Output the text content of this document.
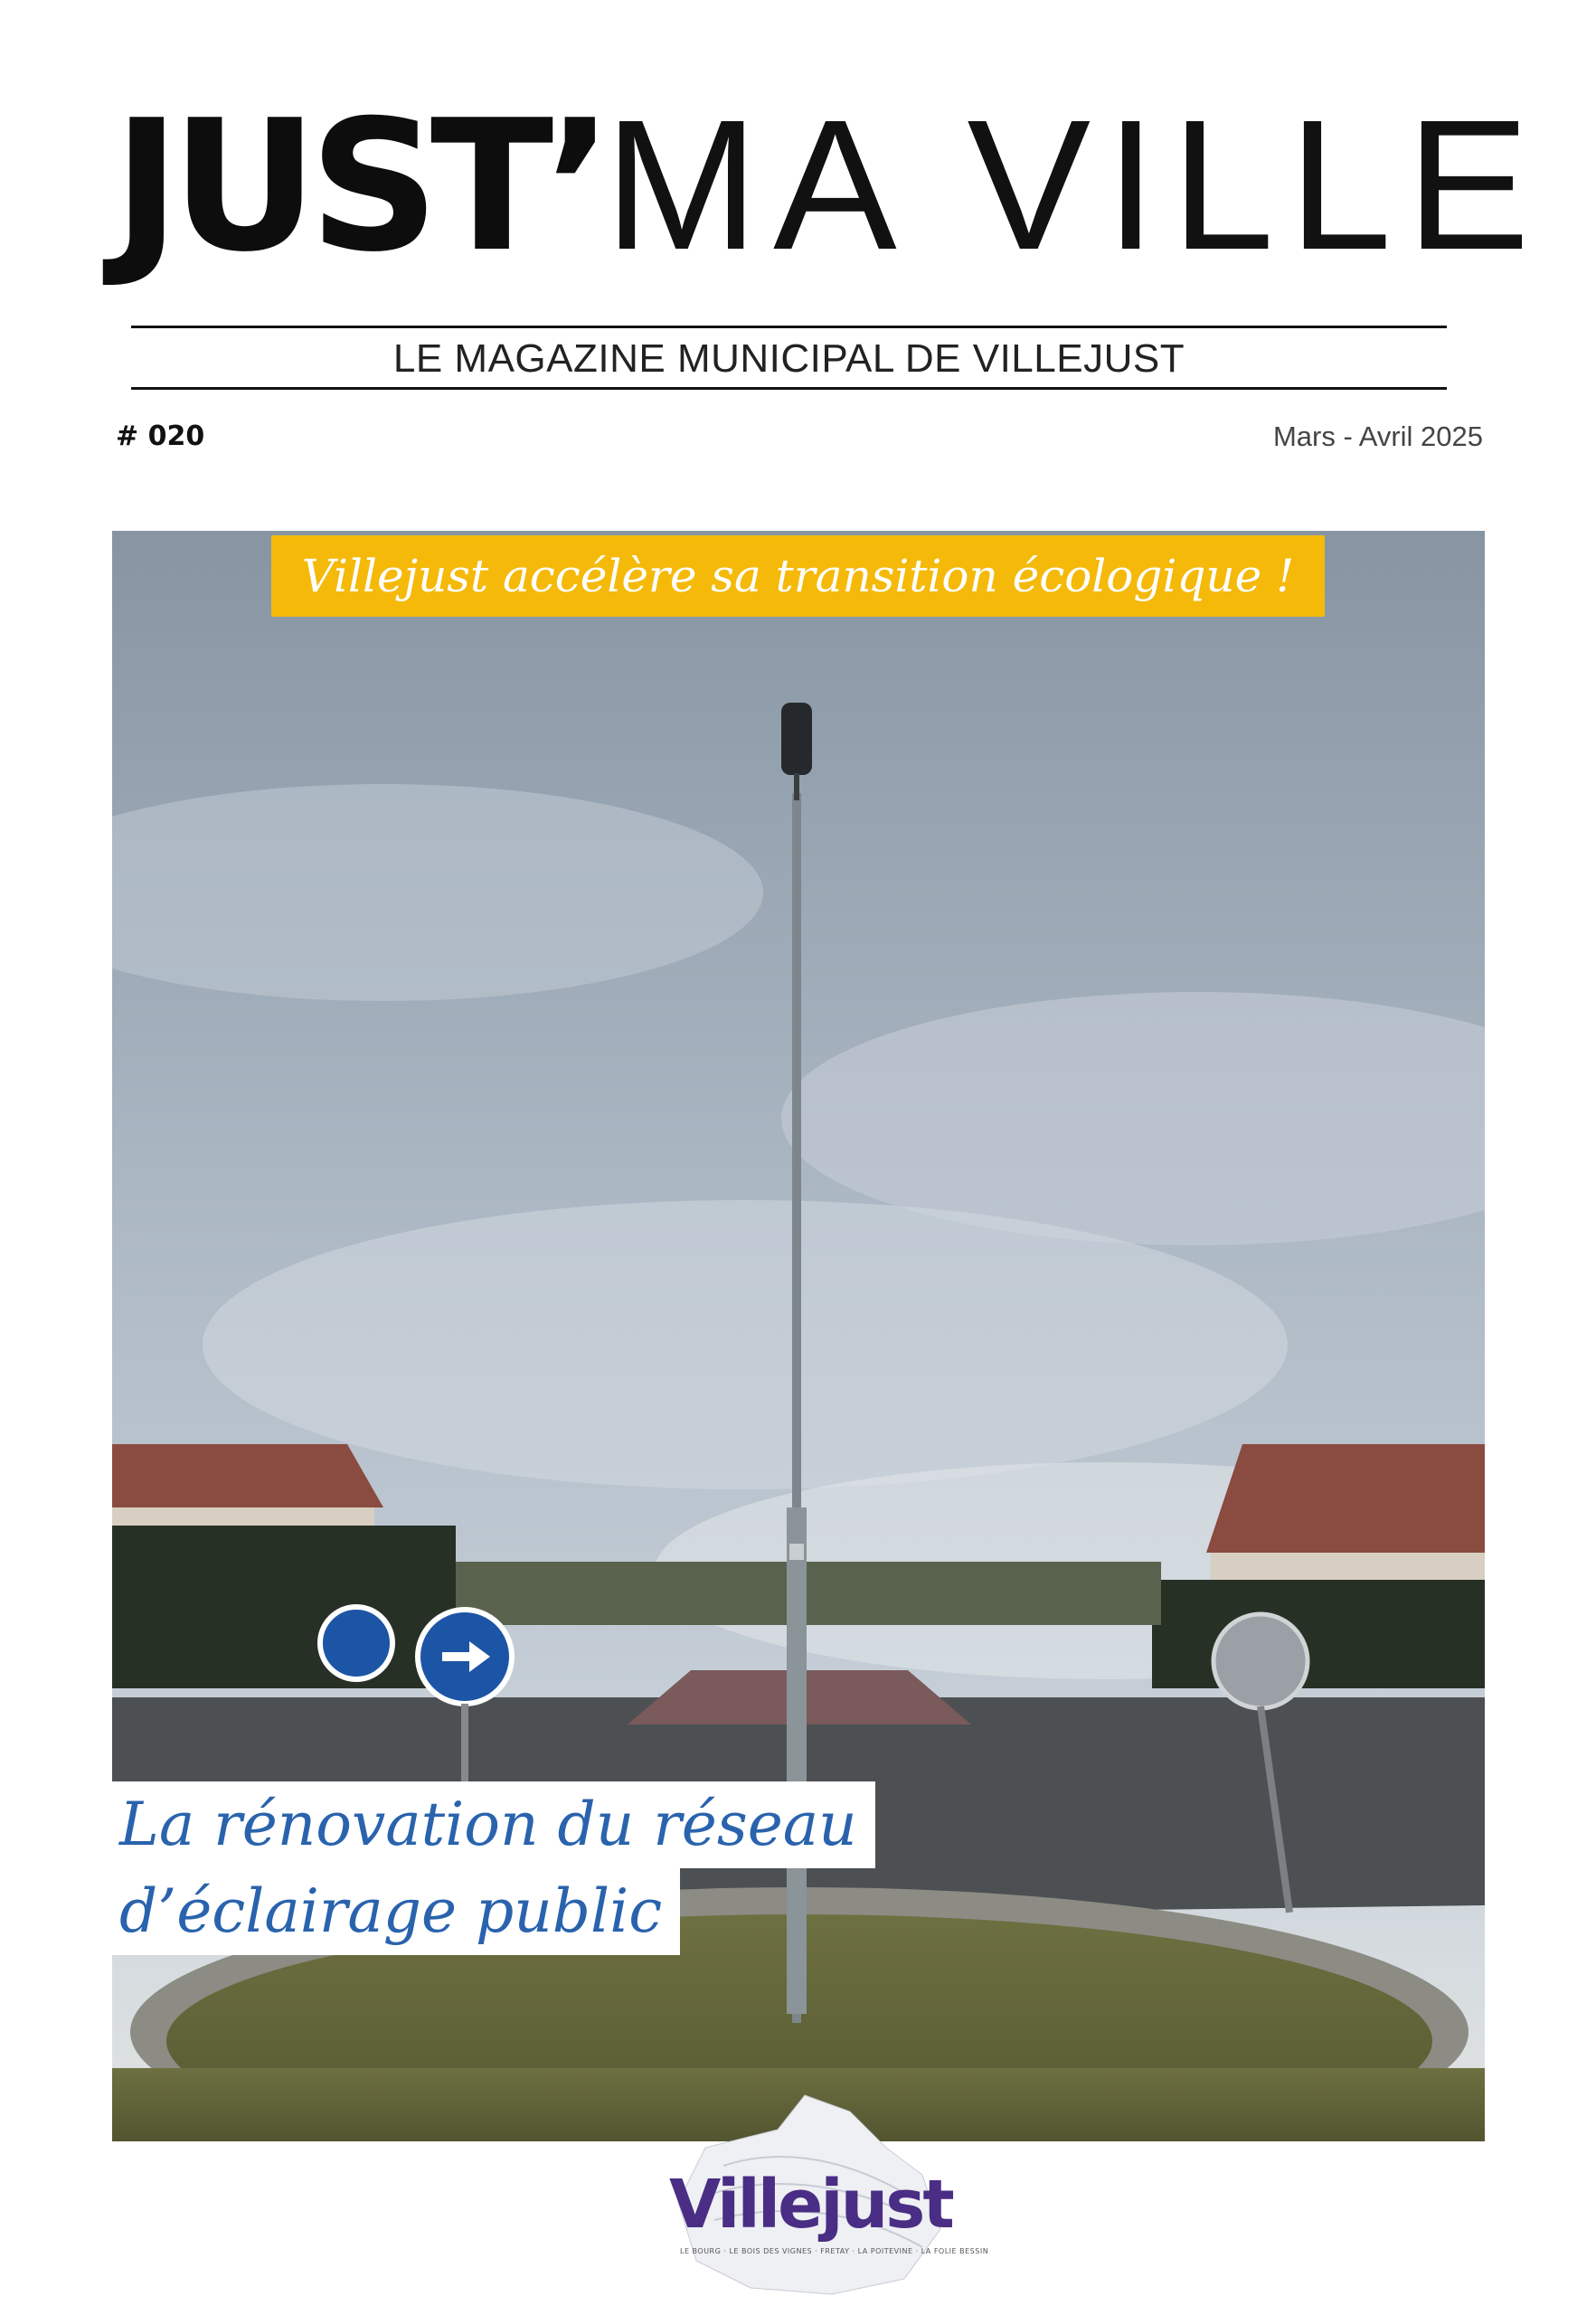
JUST’MA VILLE
LE MAGAZINE MUNICIPAL DE VILLEJUST
# 020	Mars - Avril 2025
Villejust accélère sa transition écologique !
La rénovation du réseau
d’éclairage public
Villejust
LE BOURG · LE BOIS DES VIGNES · FRETAY · LA POITEVINE · LA FOLIE BESSIN
